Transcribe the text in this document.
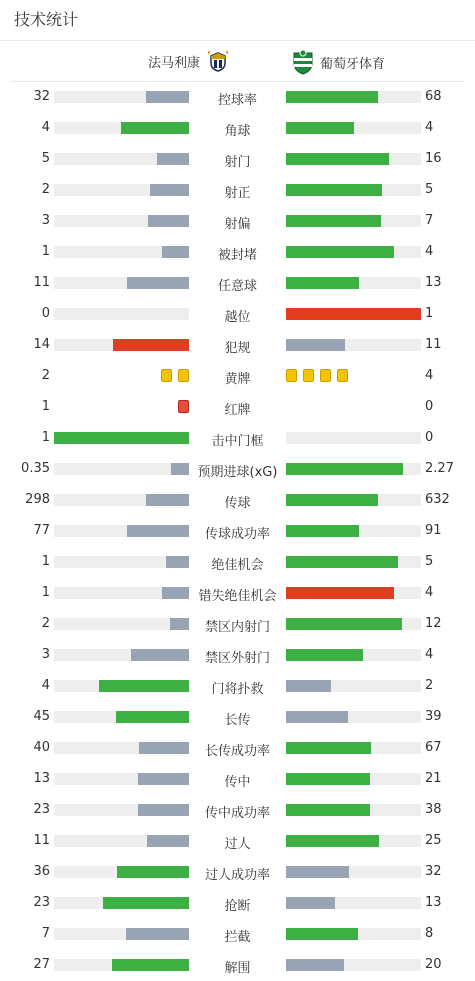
技术统计
法马利康	葡萄牙体育
32	控球率	68
4	角球	4
5	射门	16
2	射正	5
3	射偏	7
1	被封堵	4
11	任意球	13
0	越位	1
14	犯规	11
2	黄牌	4
1	红牌	0
1	击中门框	0
0.35	预期进球(xG)	2.27
298	传球	632
77	传球成功率	91
1	绝佳机会	5
1	错失绝佳机会	4
2	禁区内射门	12
3	禁区外射门	4
4	门将扑救	2
45	长传	39
40	长传成功率	67
13	传中	21
23	传中成功率	38
11	过人	25
36	过人成功率	32
23	抢断	13
7	拦截	8
27	解围	20
